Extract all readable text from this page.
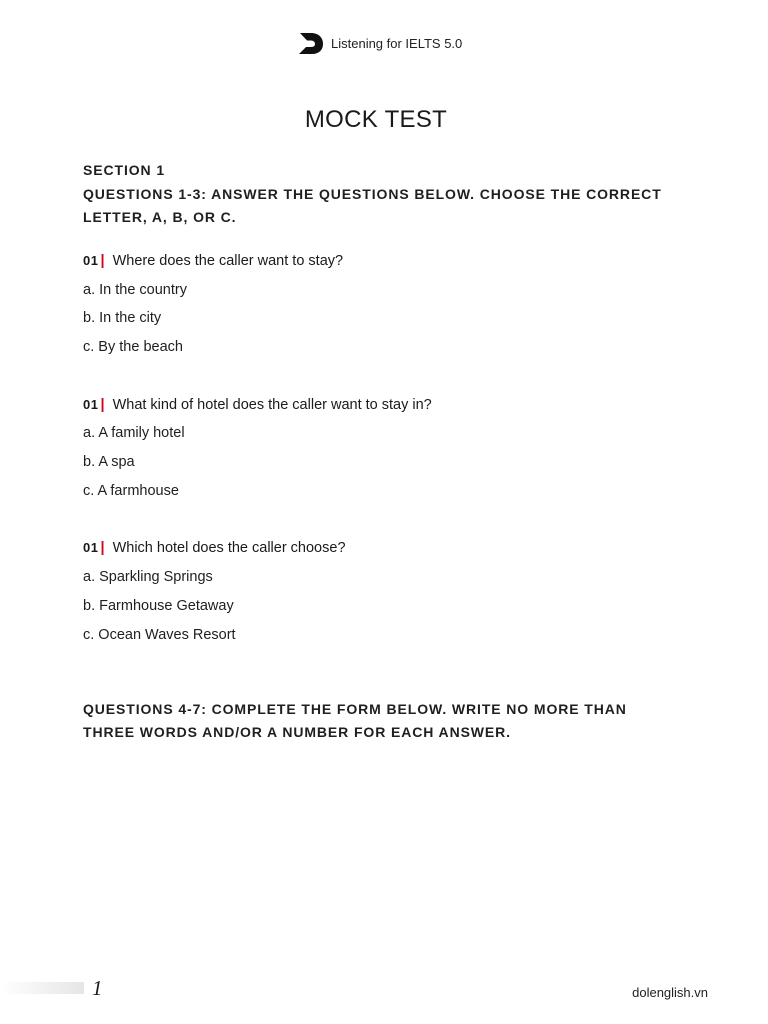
Listening for IELTS 5.0
MOCK TEST
SECTION 1
QUESTIONS 1-3: ANSWER THE QUESTIONS BELOW. CHOOSE THE CORRECT
LETTER, A, B, OR C.
01 | Where does the caller want to stay?
a. In the country
b. In the city
c. By the beach
01 | What kind of hotel does the caller want to stay in?
a. A family hotel
b. A spa
c. A farmhouse
01 | Which hotel does the caller choose?
a. Sparkling Springs
b. Farmhouse Getaway
c. Ocean Waves Resort
QUESTIONS 4-7: COMPLETE THE FORM BELOW. WRITE NO MORE THAN
THREE WORDS AND/OR A NUMBER FOR EACH ANSWER.
1	dolenglish.vn
